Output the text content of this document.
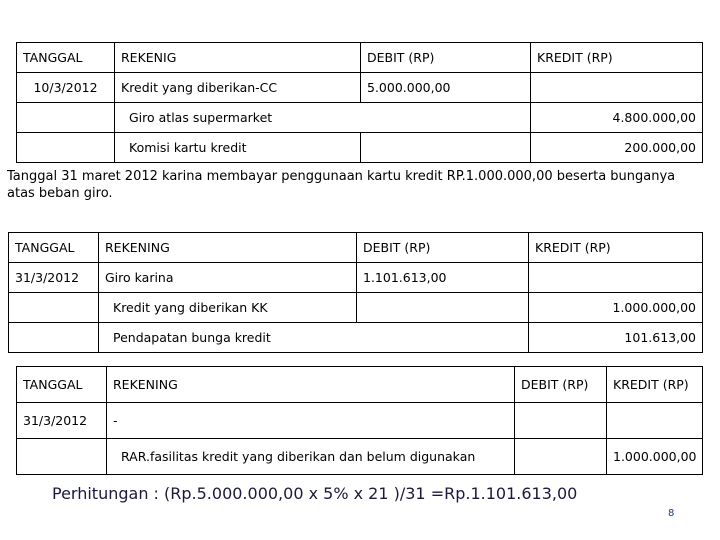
TANGGAL	REKENIG	DEBIT (RP)	KREDIT (RP)
10/3/2012	Kredit yang diberikan-CC	5.000.000,00	
	Giro atlas supermarket		4.800.000,00
	Komisi kartu kredit		200.000,00
Tanggal 31 maret 2012 karina membayar penggunaan kartu kredit RP.1.000.000,00 beserta bunganya atas beban giro.
TANGGAL	REKENING	DEBIT (RP)	KREDIT (RP)
31/3/2012	Giro karina	1.101.613,00	
	Kredit yang diberikan KK		1.000.000,00
	Pendapatan bunga kredit		101.613,00
TANGGAL	REKENING	DEBIT (RP)	KREDIT (RP)
31/3/2012	-		
	RAR.fasilitas kredit yang diberikan dan belum digunakan		1.000.000,00
Perhitungan : (Rp.5.000.000,00 x 5% x 21 )/31 =Rp.1.101.613,00
8
